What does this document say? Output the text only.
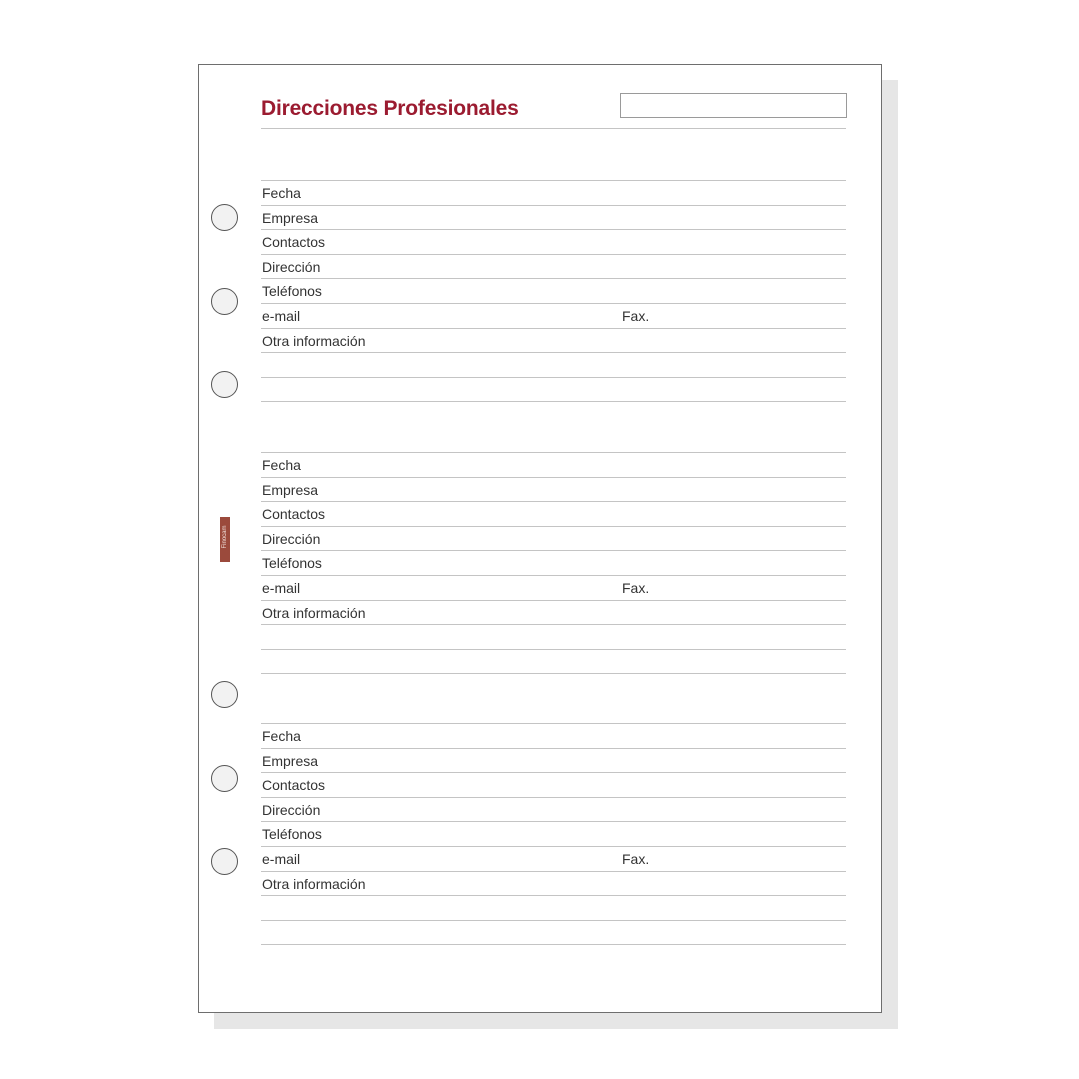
Direcciones Profesionales
Finocam
Fecha
Empresa
Contactos
Dirección
Teléfonos
e-mail	Fax.
Otra información
Fecha
Empresa
Contactos
Dirección
Teléfonos
e-mail	Fax.
Otra información
Fecha
Empresa
Contactos
Dirección
Teléfonos
e-mail	Fax.
Otra información
